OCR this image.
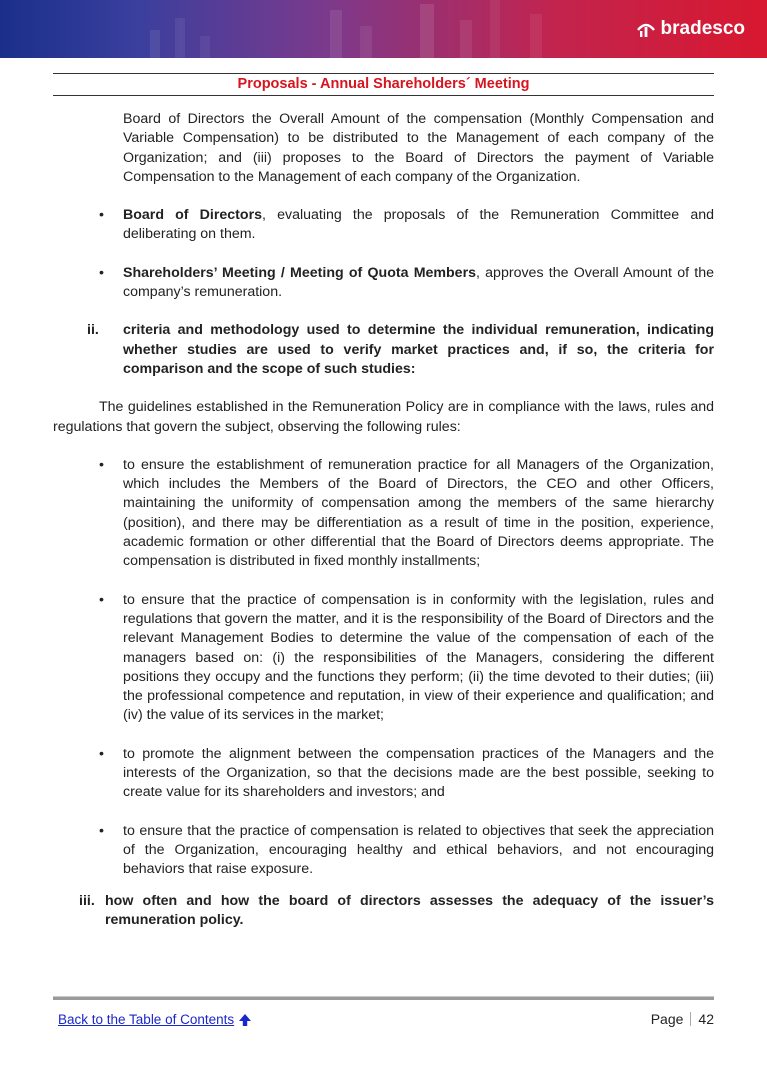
bradesco
Proposals - Annual Shareholders´ Meeting

Board of Directors the Overall Amount of the compensation (Monthly Compensation and Variable Compensation) to be distributed to the Management of each company of the Organization; and (iii) proposes to the Board of Directors the payment of Variable Compensation to the Management of each company of the Organization.

• Board of Directors, evaluating the proposals of the Remuneration Committee and deliberating on them.
• Shareholders’ Meeting / Meeting of Quota Members, approves the Overall Amount of the company’s remuneration.
ii. criteria and methodology used to determine the individual remuneration, indicating whether studies are used to verify market practices and, if so, the criteria for comparison and the scope of such studies:

The guidelines established in the Remuneration Policy are in compliance with the laws, rules and regulations that govern the subject, observing the following rules:

• to ensure the establishment of remuneration practice for all Managers of the Organization, which includes the Members of the Board of Directors, the CEO and other Officers, maintaining the uniformity of compensation among the members of the same hierarchy (position), and there may be differentiation as a result of time in the position, experience, academic formation or other differential that the Board of Directors deems appropriate. The compensation is distributed in fixed monthly installments;
• to ensure that the practice of compensation is in conformity with the legislation, rules and regulations that govern the matter, and it is the responsibility of the Board of Directors and the relevant Management Bodies to determine the value of the compensation of each of the managers based on: (i) the responsibilities of the Managers, considering the different positions they occupy and the functions they perform; (ii) the time devoted to their duties; (iii) the professional competence and reputation, in view of their experience and qualification; and (iv) the value of its services in the market;
• to promote the alignment between the compensation practices of the Managers and the interests of the Organization, so that the decisions made are the best possible, seeking to create value for its shareholders and investors; and
• to ensure that the practice of compensation is related to objectives that seek the appreciation of the Organization, encouraging healthy and ethical behaviors, and not encouraging behaviors that raise exposure.
iii. how often and how the board of directors assesses the adequacy of the issuer’s remuneration policy.
Back to the Table of Contents	Page 42
